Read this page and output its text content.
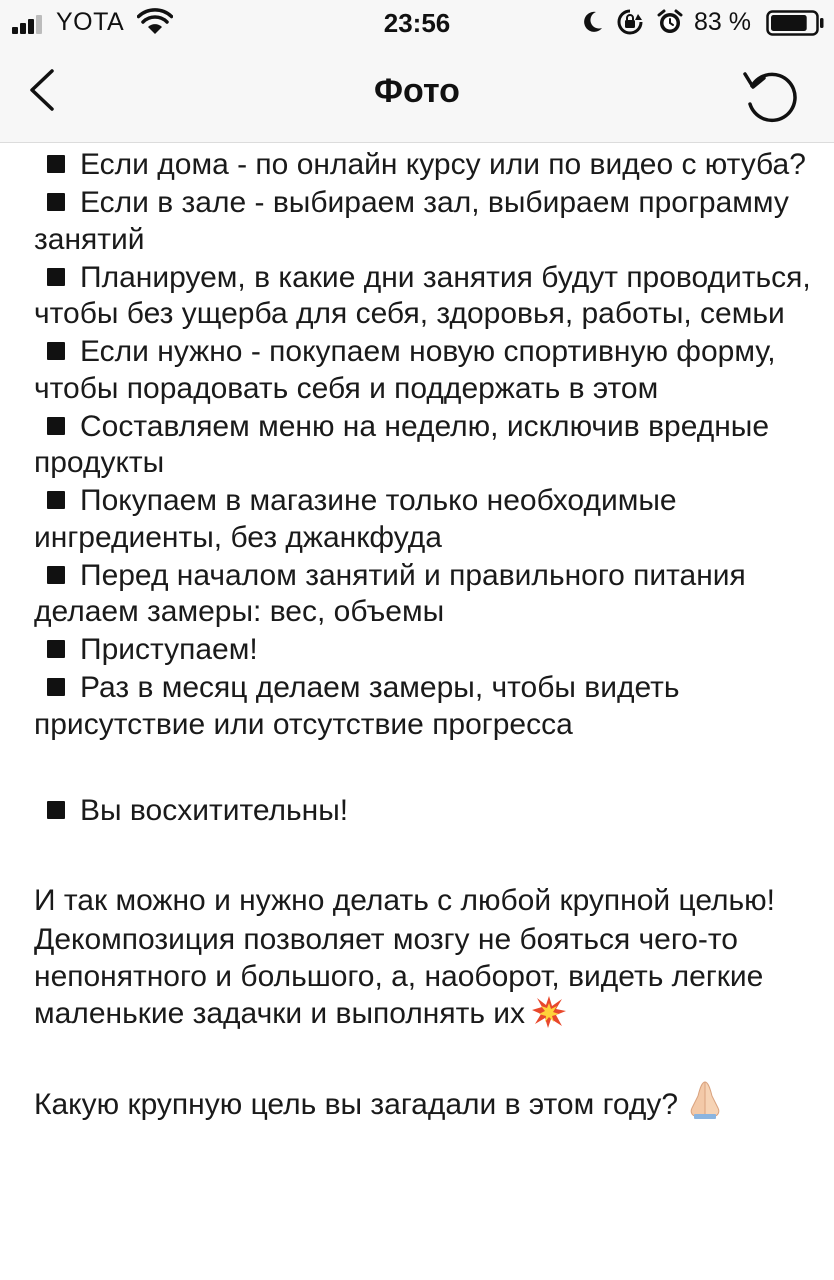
YOTA	23:56	83 %
Фото
Если дома - по онлайн курсу или по видео с ютуба?
Если в зале - выбираем зал, выбираем программу занятий
Планируем, в какие дни занятия будут проводиться, чтобы без ущерба для себя, здоровья, работы, семьи
Если нужно - покупаем новую спортивную форму, чтобы порадовать себя и поддержать в этом
Составляем меню на неделю, исключив вредные продукты
Покупаем в магазине только необходимые ингредиенты, без джанкфуда
Перед началом занятий и правильного питания делаем замеры: вес, объемы
Приступаем!
Раз в месяц делаем замеры, чтобы видеть присутствие или отсутствие прогресса
Вы восхитительны!
И так можно и нужно делать с любой крупной целью!
Декомпозиция позволяет мозгу не бояться чего-то непонятного и большого, а, наоборот, видеть легкие маленькие задачки и выполнять их
Какую крупную цель вы загадали в этом году?
